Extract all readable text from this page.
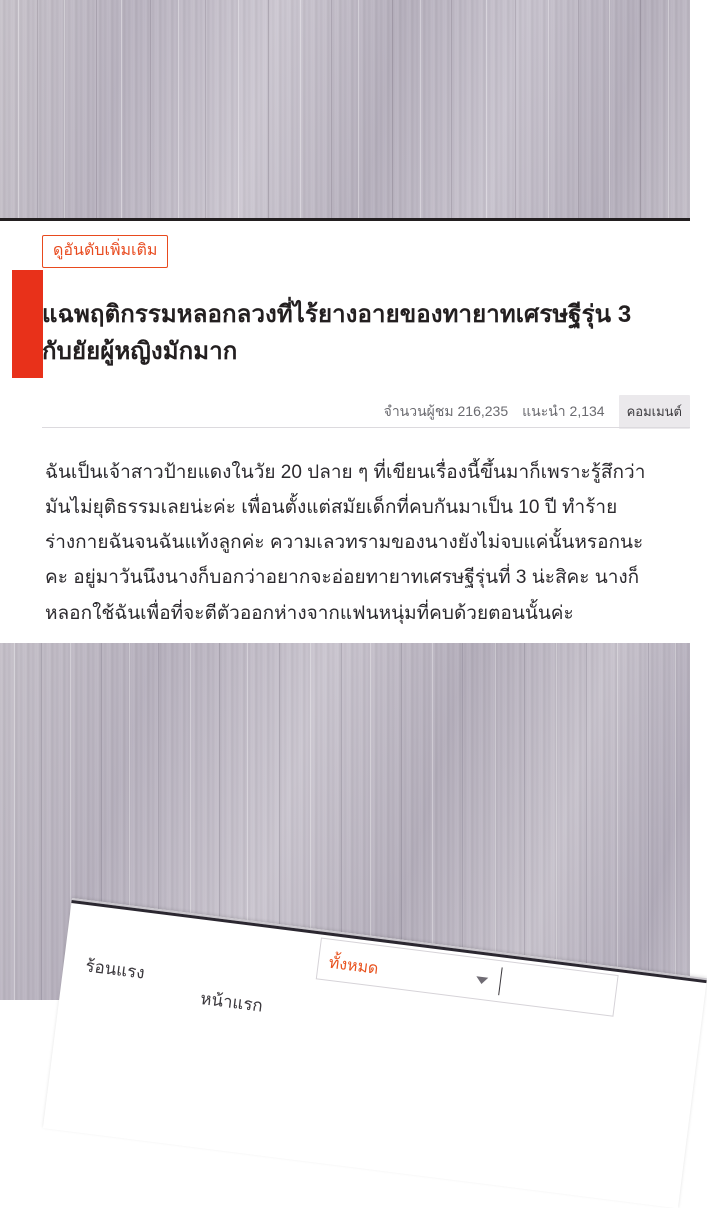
ดูอันดับเพิ่มเติม
แฉพฤติกรรมหลอกลวงที่ไร้ยางอายของทายาทเศรษฐีรุ่น 3 กับยัยผู้หญิงมักมาก
จำนวนผู้ชม 216,235 แนะนำ 2,134	คอมเมนต์

ฉันเป็นเจ้าสาวป้ายแดงในวัย 20 ปลาย ๆ ที่เขียนเรื่องนี้ขึ้นมาก็เพราะรู้สึกว่ามันไม่ยุติธรรมเลยน่ะค่ะ เพื่อนตั้งแต่สมัยเด็กที่คบกันมาเป็น 10 ปี ทำร้ายร่างกายฉันจนฉันแท้งลูกค่ะ ความเลวทรามของนางยังไม่จบแค่นั้นหรอกนะคะ อยู่มาวันนึงนางก็บอกว่าอยากจะอ่อยทายาทเศรษฐีรุ่นที่ 3 น่ะสิคะ นางก็หลอกใช้ฉันเพื่อที่จะตีตัวออกห่างจากแฟนหนุ่มที่คบด้วยตอนนั้นค่ะ

ร้อนแรง
หน้าแรก
ทั้งหมด
